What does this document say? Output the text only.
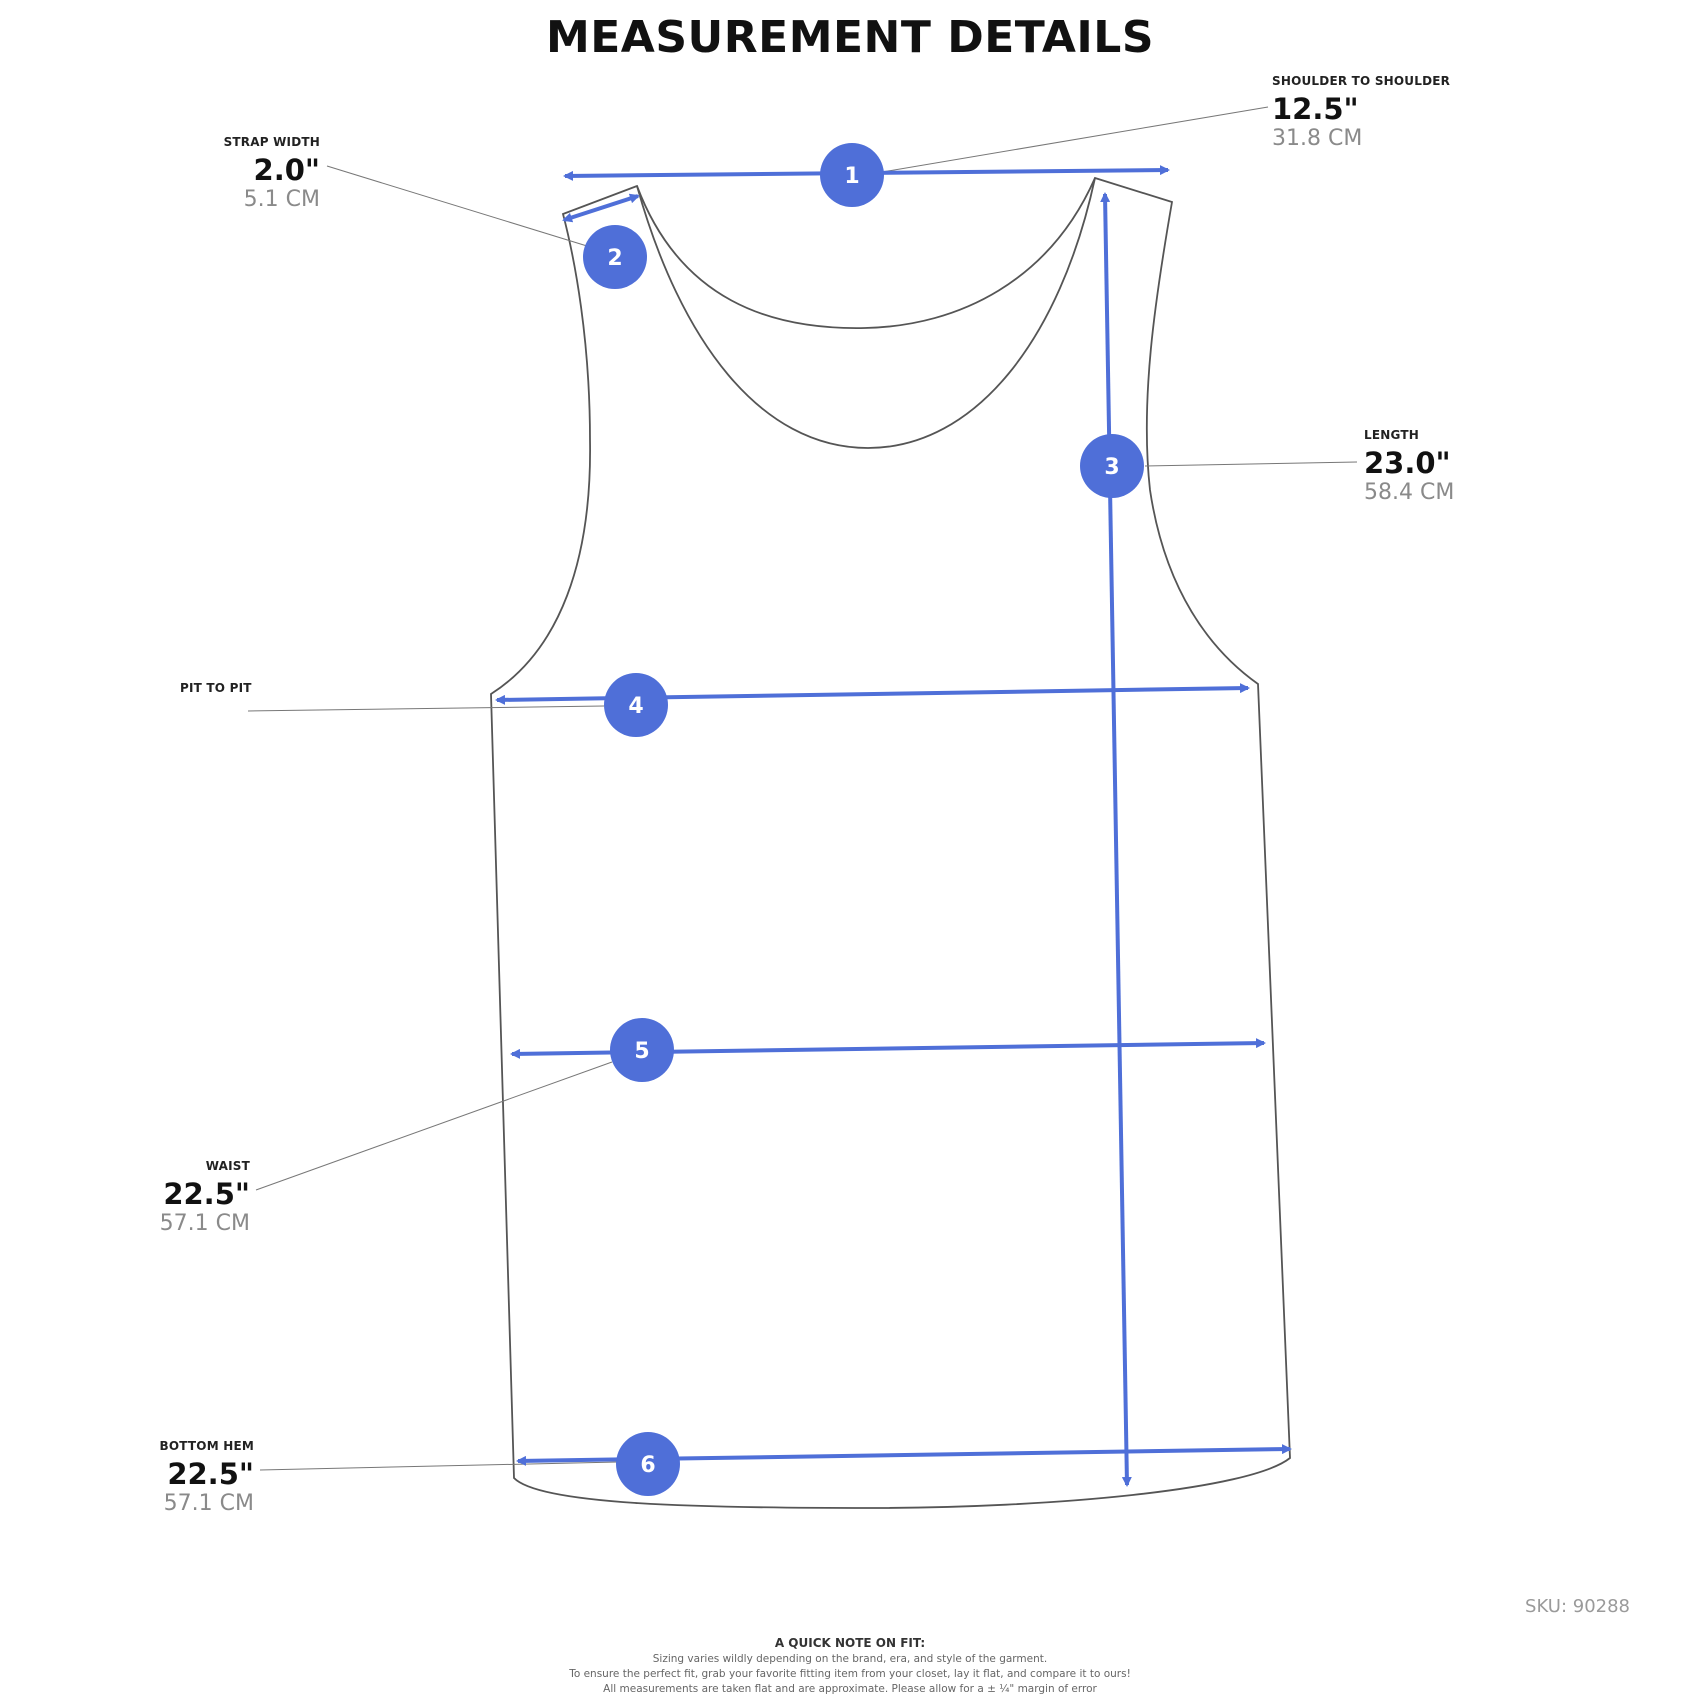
MEASUREMENT DETAILS
1
2
3
4
5
6
SHOULDER TO SHOULDER
12.5"
31.8 CM
STRAP WIDTH
2.0"
5.1 CM
LENGTH
23.0"
58.4 CM
PIT TO PIT
WAIST
22.5"
57.1 CM
BOTTOM HEM
22.5"
57.1 CM
SKU: 90288
A QUICK NOTE ON FIT:
Sizing varies wildly depending on the brand, era, and style of the garment.
To ensure the perfect fit, grab your favorite fitting item from your closet, lay it flat, and compare it to ours!
All measurements are taken flat and are approximate. Please allow for a ± ¼" margin of error
